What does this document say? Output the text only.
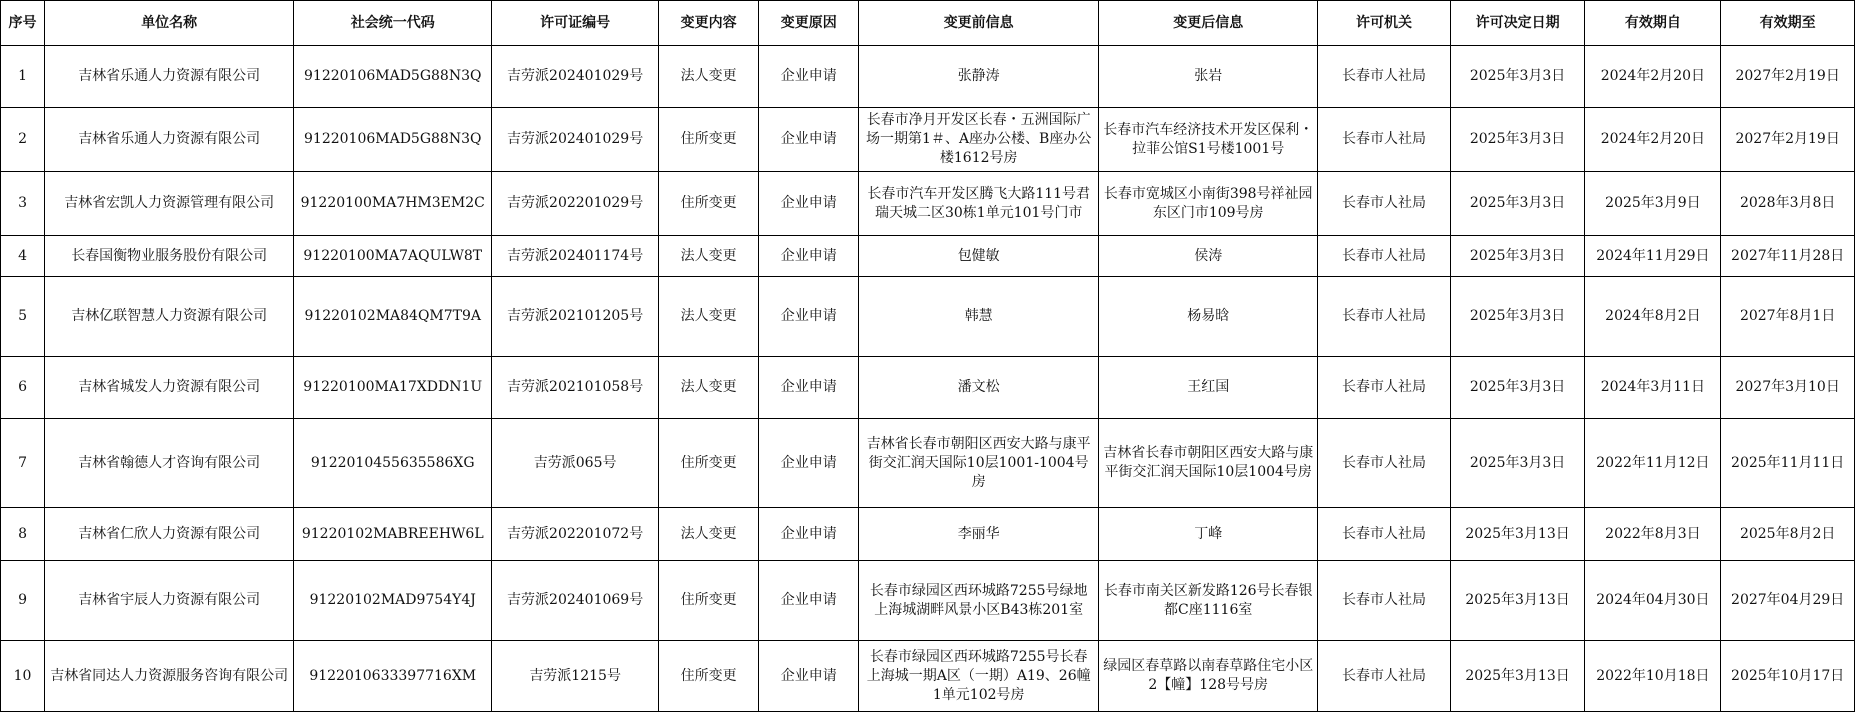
序号	单位名称	社会统一代码	许可证编号	变更内容	变更原因	变更前信息	变更后信息	许可机关	许可决定日期	有效期自	有效期至
1	吉林省乐通人力资源有限公司	91220106MAD5G88N3Q	吉劳派202401029号	法人变更	企业申请	张静涛	张岩	长春市人社局	2025年3月3日	2024年2月20日	2027年2月19日
2	吉林省乐通人力资源有限公司	91220106MAD5G88N3Q	吉劳派202401029号	住所变更	企业申请	长春市净月开发区长春・五洲国际广场一期第1＃、A座办公楼、B座办公楼1612号房	长春市汽车经济技术开发区保利・拉菲公馆S1号楼1001号	长春市人社局	2025年3月3日	2024年2月20日	2027年2月19日
3	吉林省宏凯人力资源管理有限公司	91220100MA7HM3EM2C	吉劳派202201029号	住所变更	企业申请	长春市汽车开发区腾飞大路111号君瑞天城二区30栋1单元101号门市	长春市宽城区小南街398号祥祉园东区门市109号房	长春市人社局	2025年3月3日	2025年3月9日	2028年3月8日
4	长春国衡物业服务股份有限公司	91220100MA7AQULW8T	吉劳派202401174号	法人变更	企业申请	包健敏	侯涛	长春市人社局	2025年3月3日	2024年11月29日	2027年11月28日
5	吉林亿联智慧人力资源有限公司	91220102MA84QM7T9A	吉劳派202101205号	法人变更	企业申请	韩慧	杨易晗	长春市人社局	2025年3月3日	2024年8月2日	2027年8月1日
6	吉林省城发人力资源有限公司	91220100MA17XDDN1U	吉劳派202101058号	法人变更	企业申请	潘文松	王红国	长春市人社局	2025年3月3日	2024年3月11日	2027年3月10日
7	吉林省翰德人才咨询有限公司	9122010455635586XG	吉劳派065号	住所变更	企业申请	吉林省长春市朝阳区西安大路与康平街交汇润天国际10层1001-1004号房	吉林省长春市朝阳区西安大路与康平街交汇润天国际10层1004号房	长春市人社局	2025年3月3日	2022年11月12日	2025年11月11日
8	吉林省仁欣人力资源有限公司	91220102MABREEHW6L	吉劳派202201072号	法人变更	企业申请	李丽华	丁峰	长春市人社局	2025年3月13日	2022年8月3日	2025年8月2日
9	吉林省宇辰人力资源有限公司	91220102MAD9754Y4J	吉劳派202401069号	住所变更	企业申请	长春市绿园区西环城路7255号绿地上海城湖畔风景小区B43栋201室	长春市南关区新发路126号长春银都C座1116室	长春市人社局	2025年3月13日	2024年04月30日	2027年04月29日
10	吉林省同达人力资源服务咨询有限公司	9122010633397716XM	吉劳派1215号	住所变更	企业申请	长春市绿园区西环城路7255号长春上海城一期A区（一期）A19、26幢1单元102号房	绿园区春草路以南春草路住宅小区2【幢】128号号房	长春市人社局	2025年3月13日	2022年10月18日	2025年10月17日
